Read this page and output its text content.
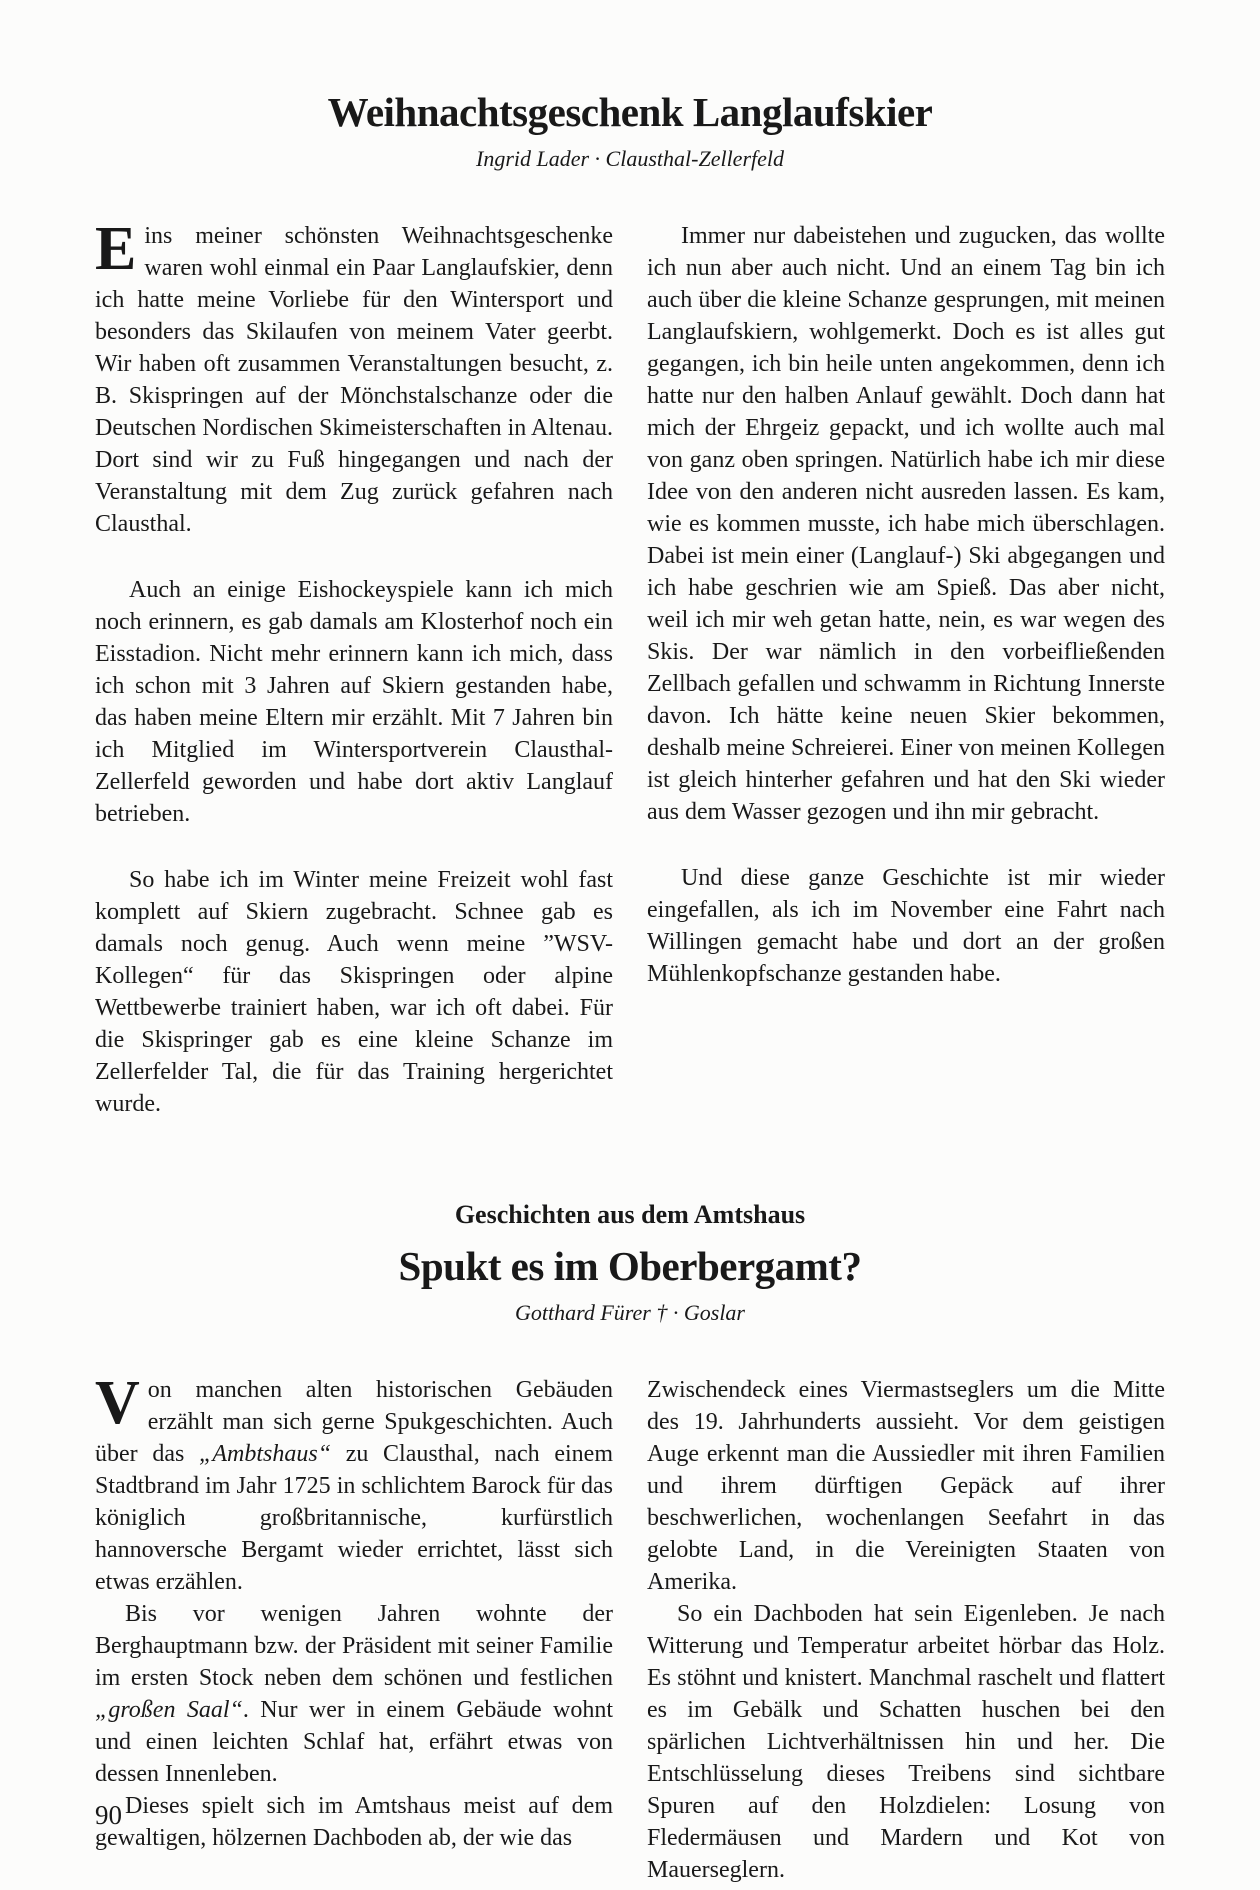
Weihnachtsgeschenk Langlaufskier

Ingrid Lader · Clausthal-Zellerfeld

Eins meiner schönsten Weihnachtsgeschenke waren wohl einmal ein Paar Langlaufskier, denn ich hatte meine Vorliebe für den Wintersport und besonders das Skilaufen von meinem Vater geerbt. Wir haben oft zusammen Veranstaltungen besucht, z. B. Skispringen auf der Mönchstalschanze oder die Deutschen Nordischen Skimeisterschaften in Altenau. Dort sind wir zu Fuß hingegangen und nach der Veranstaltung mit dem Zug zurück gefahren nach Clausthal.

Auch an einige Eishockeyspiele kann ich mich noch erinnern, es gab damals am Klosterhof noch ein Eisstadion. Nicht mehr erinnern kann ich mich, dass ich schon mit 3 Jahren auf Skiern gestanden habe, das haben meine Eltern mir erzählt. Mit 7 Jahren bin ich Mitglied im Wintersportverein Clausthal-Zellerfeld geworden und habe dort aktiv Langlauf betrieben.

So habe ich im Winter meine Freizeit wohl fast komplett auf Skiern zugebracht. Schnee gab es damals noch genug. Auch wenn meine ”WSV-Kollegen“ für das Skispringen oder alpine Wettbewerbe trainiert haben, war ich oft dabei. Für die Skispringer gab es eine kleine Schanze im Zellerfelder Tal, die für das Training hergerichtet wurde.

Immer nur dabeistehen und zugucken, das wollte ich nun aber auch nicht. Und an einem Tag bin ich auch über die kleine Schanze gesprungen, mit meinen Langlaufskiern, wohlgemerkt. Doch es ist alles gut gegangen, ich bin heile unten angekommen, denn ich hatte nur den halben Anlauf gewählt. Doch dann hat mich der Ehrgeiz gepackt, und ich wollte auch mal von ganz oben springen. Natürlich habe ich mir diese Idee von den anderen nicht ausreden lassen. Es kam, wie es kommen musste, ich habe mich überschlagen. Dabei ist mein einer (Langlauf-) Ski abgegangen und ich habe geschrien wie am Spieß. Das aber nicht, weil ich mir weh getan hatte, nein, es war wegen des Skis. Der war nämlich in den vorbeifließenden Zellbach gefallen und schwamm in Richtung Innerste davon. Ich hätte keine neuen Skier bekommen, deshalb meine Schreierei. Einer von meinen Kollegen ist gleich hinterher gefahren und hat den Ski wieder aus dem Wasser gezogen und ihn mir gebracht.

Und diese ganze Geschichte ist mir wieder eingefallen, als ich im November eine Fahrt nach Willingen gemacht habe und dort an der großen Mühlenkopfschanze gestanden habe.

Geschichten aus dem Amtshaus

Spukt es im Oberbergamt?

Gotthard Fürer † · Goslar

Von manchen alten historischen Gebäuden erzählt man sich gerne Spukgeschichten. Auch über das „Ambtshaus“ zu Clausthal, nach einem Stadtbrand im Jahr 1725 in schlichtem Barock für das königlich großbritannische, kurfürstlich hannoversche Bergamt wieder errichtet, lässt sich etwas erzählen.

Bis vor wenigen Jahren wohnte der Berghauptmann bzw. der Präsident mit seiner Familie im ersten Stock neben dem schönen und festlichen „großen Saal“. Nur wer in einem Gebäude wohnt und einen leichten Schlaf hat, erfährt etwas von dessen Innenleben.

Dieses spielt sich im Amtshaus meist auf dem gewaltigen, hölzernen Dachboden ab, der wie das

Zwischendeck eines Viermastseglers um die Mitte des 19. Jahrhunderts aussieht. Vor dem geistigen Auge erkennt man die Aussiedler mit ihren Familien und ihrem dürftigen Gepäck auf ihrer beschwerlichen, wochenlangen Seefahrt in das gelobte Land, in die Vereinigten Staaten von Amerika.

So ein Dachboden hat sein Eigenleben. Je nach Witterung und Temperatur arbeitet hörbar das Holz. Es stöhnt und knistert. Manchmal raschelt und flattert es im Gebälk und Schatten huschen bei den spärlichen Lichtverhältnissen hin und her. Die Entschlüsselung dieses Treibens sind sichtbare Spuren auf den Holzdielen: Losung von Fledermäusen und Mardern und Kot von Mauerseglern.

90
